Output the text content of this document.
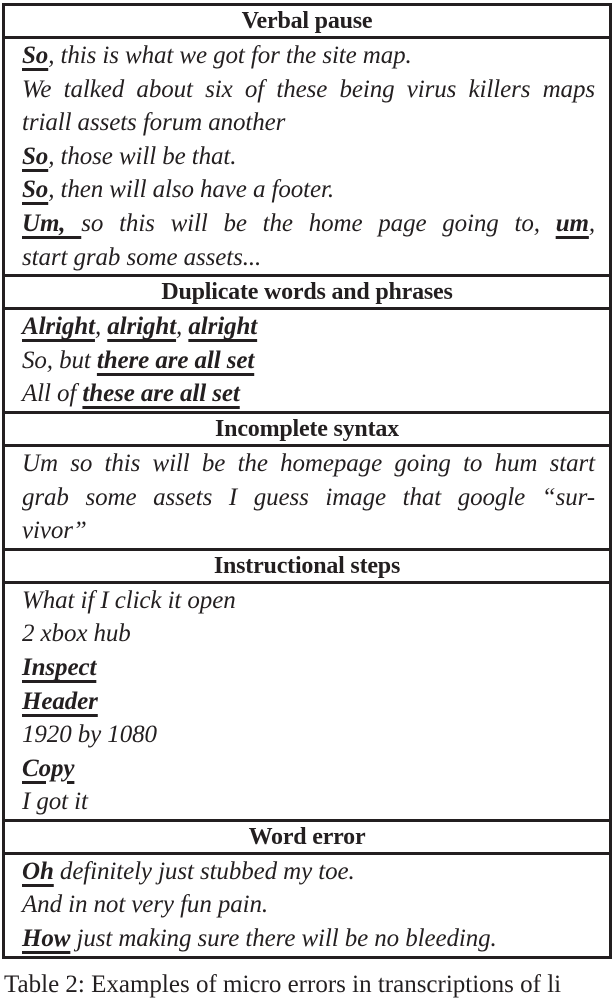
Verbal pause
So, this is what we got for the site map.
We talked about six of these being virus killers maps
triall assets forum another
So, those will be that.
So, then will also have a footer.
Um, so this will be the home page going to, um,
start grab some assets...
Duplicate words and phrases
Alright, alright, alright
So, but there are all set
All of these are all set
Incomplete syntax
Um so this will be the homepage going to hum start
grab some assets I guess image that google “sur-
vivor”
Instructional steps
What if I click it open
2 xbox hub
Inspect
Header
1920 by 1080
Copy
I got it
Word error
Oh definitely just stubbed my toe.
And in not very fun pain.
How just making sure there will be no bleeding.
Table 2: Examples of micro errors in transcriptions of li
